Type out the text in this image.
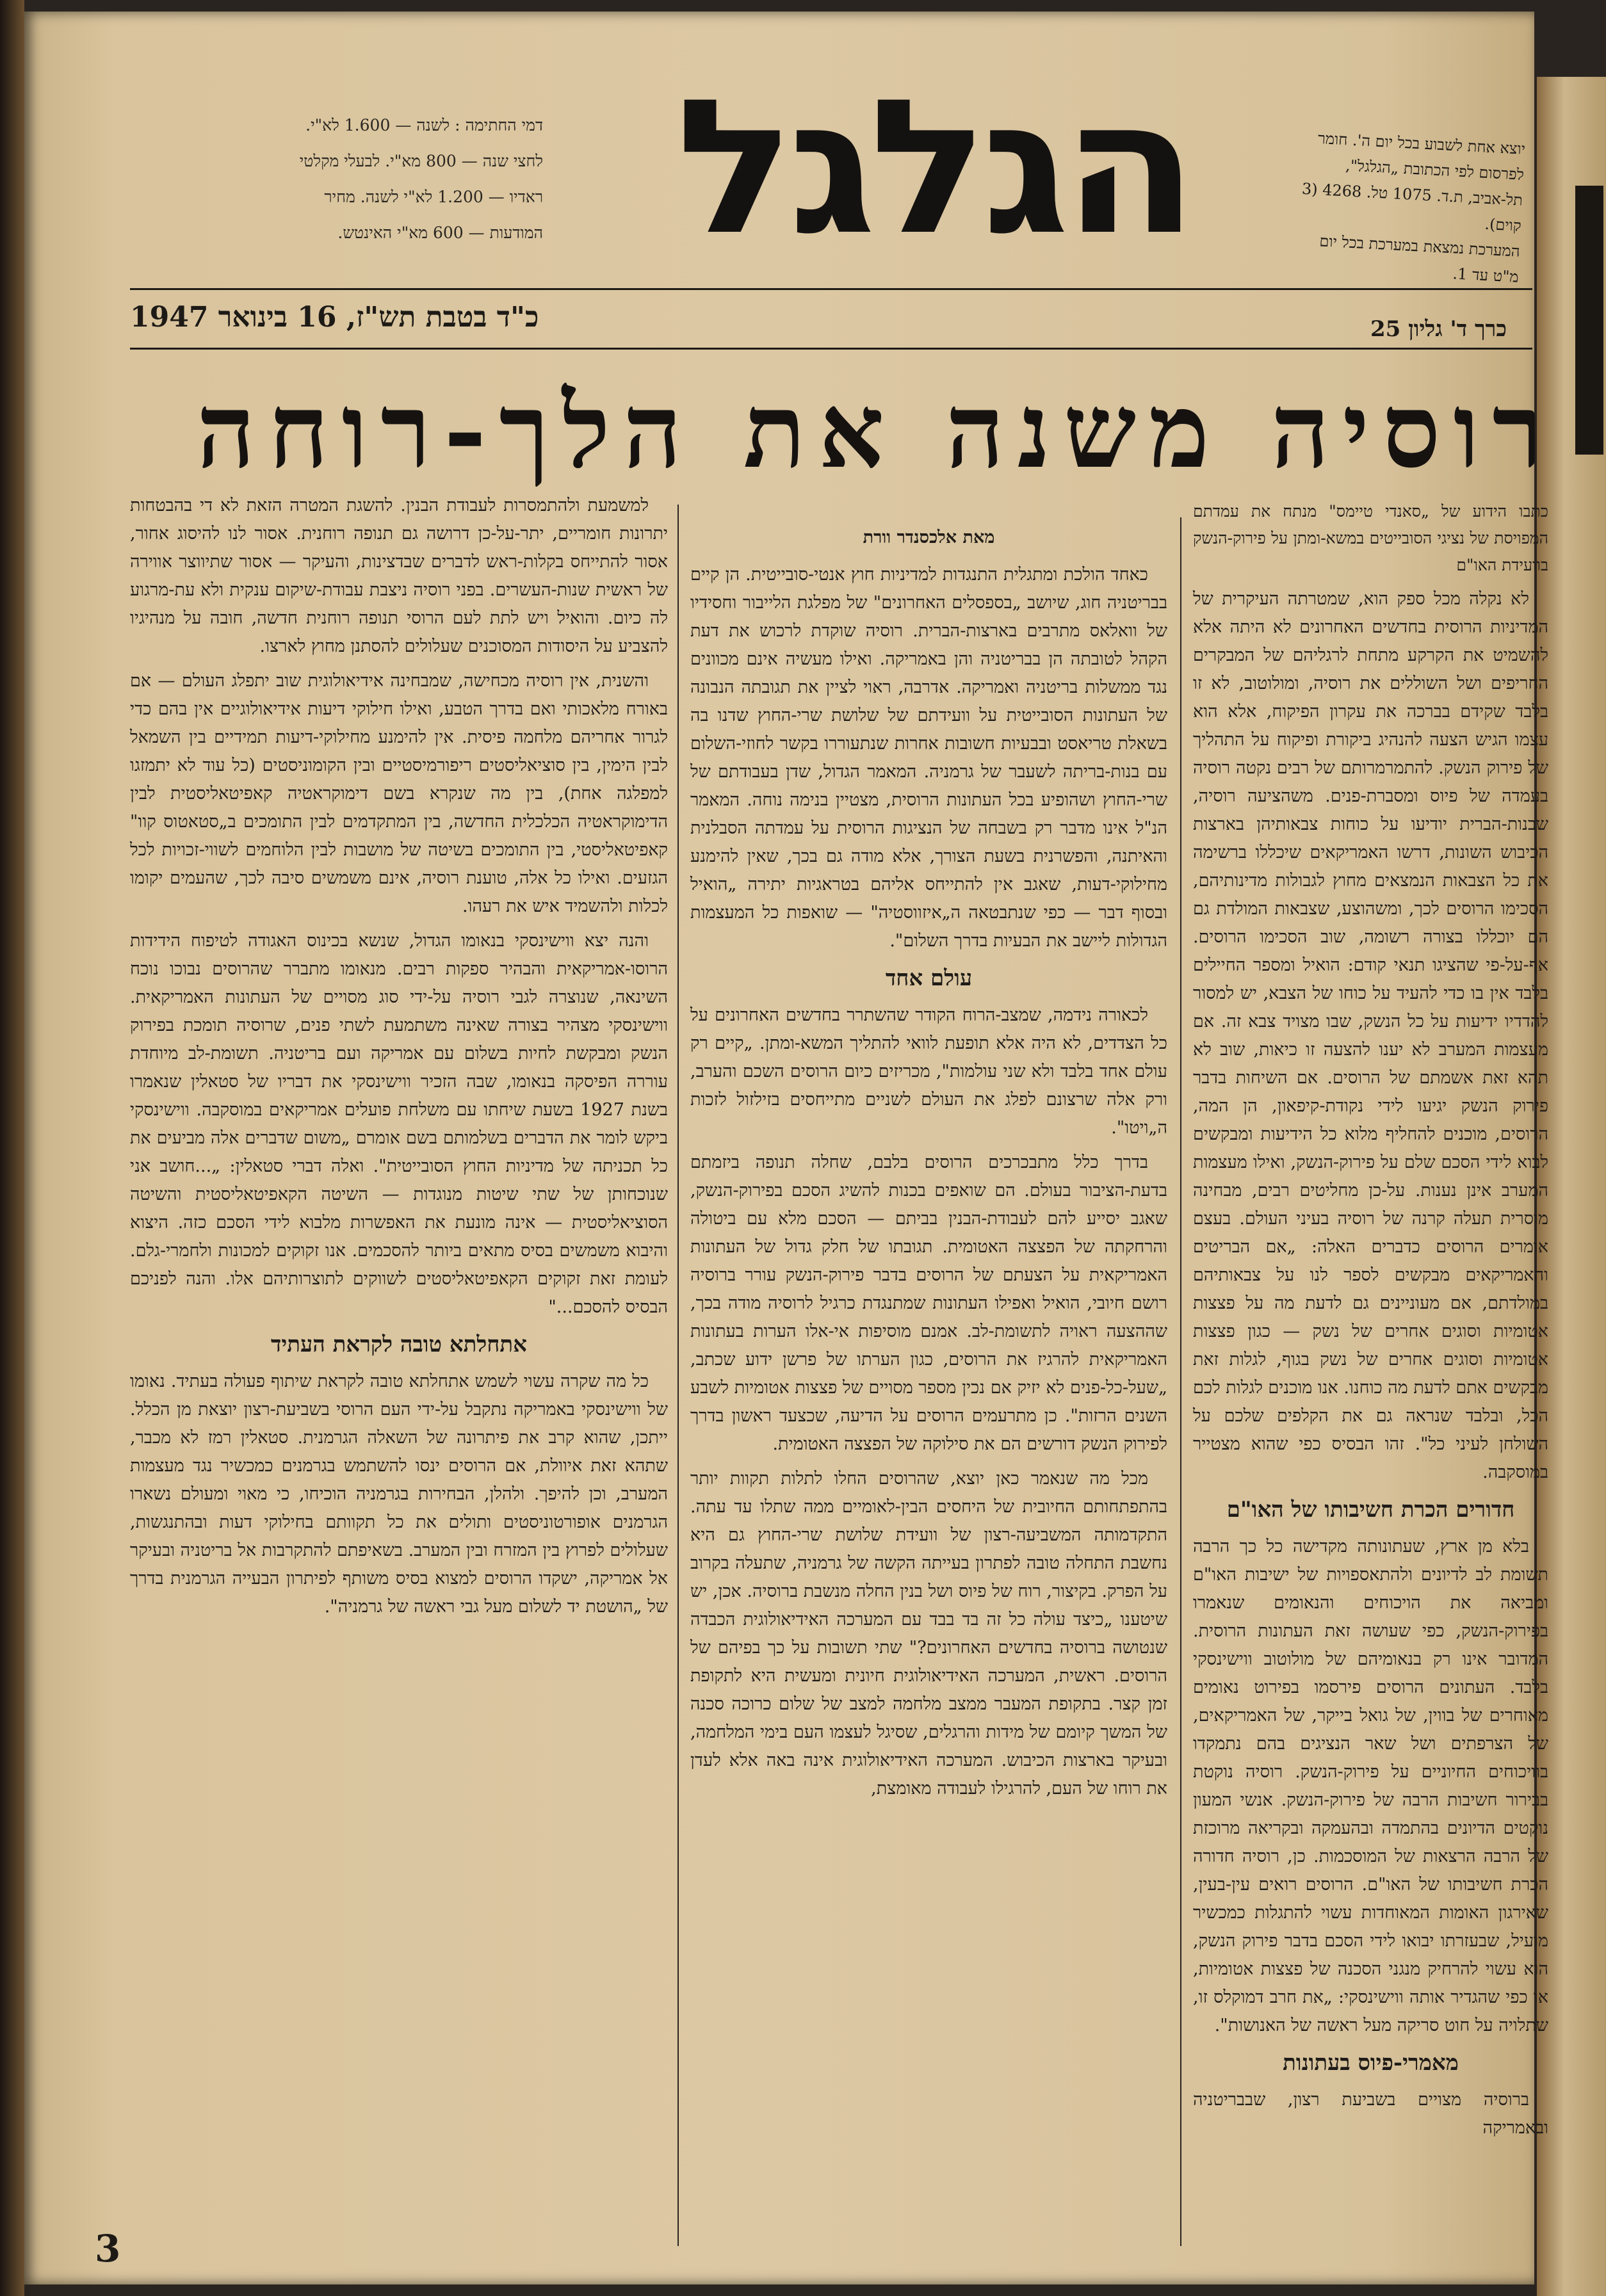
דמי החתימה : לשנה — 1.600 לא"י.
לחצי שנה — 800 מא"י. לבעלי מקלטי
ראדיו — 1.200 לא"י לשנה. מחיר
המודעות — 600 מא"י האינטש. הגלגל	יוצא אחת לשבוע בכל יום ה'. חומר
לפרסום לפי הכתובת „הגלגל",
תל-אביב, ת.ד. 1075 טל. 4268 (3 קוים).
המערכת נמצאת במערכת בכל יום מ"ט עד 1.
כ"ד בטבת תש"ז, 16 בינואר 1947	כרך ד' גליון 25
רוסיה משנה את הלך-רוחה

כתבו הידוע של „סאנדי טיימס" מנתח את עמדתם המפויסת של נציגי הסובייטים במשא-ומתן על פירוק-הנשק בוועידת האו"ם

לא נקלה מכל ספק הוא, שמטרתה העיקרית של המדיניות הרוסית בחדשים האחרונים לא היתה אלא להשמיט את הקרקע מתחת לרגליהם של המבקרים החריפים ושל השוללים את רוסיה, ומולוטוב, לא זו בלבד שקידם בברכה את עקרון הפיקוח, אלא הוא עצמו הגיש הצעה להנהיג ביקורת ופיקוח על התהליך של פירוק הנשק. להתמרמרותם של רבים נקטה רוסיה בעמדה של פיוס ומסברת-פנים. משהציעה רוסיה, שבנות-הברית יודיעו על כוחות צבאותיהן בארצות הכיבוש השונות, דרשו האמריקאים שיכללו ברשימה את כל הצבאות הנמצאים מחוץ לגבולות מדינותיהם, הסכימו הרוסים לכך, ומשהוצע, שצבאות המולדת גם הם יוכללו בצורה רשומה, שוב הסכימו הרוסים. אף-על-פי שהציגו תנאי קודם: הואיל ומספר החיילים בלבד אין בו כדי להעיד על כוחו של הצבא, יש למסור להדדיו ידיעות על כל הנשק, שבו מצויד צבא זה. אם מעצמות המערב לא יענו להצעה זו כיאות, שוב לא תהא זאת אשמתם של הרוסים. אם השיחות בדבר פירוק הנשק יגיעו לידי נקודת-קיפאון, הן המה, הרוסים, מוכנים להחליף מלוא כל הידיעות ומבקשים לבוא לידי הסכם שלם על פירוק-הנשק, ואילו מעצמות המערב אינן נענות. על-כן מחליטים רבים, מבחינה מוסרית תעלה קרנה של רוסיה בעיני העולם. בעצם אומרים הרוסים כדברים האלה: „אם הבריטים והאמריקאים מבקשים לספר לנו על צבאותיהם במולדתם, אם מעוניינים גם לדעת מה על פצצות אטומיות וסוגים אחרים של נשק — כגון פצצות אטומיות וסוגים אחרים של נשק בגוף, לגלות זאת מבקשים אתם לדעת מה כוחנו. אנו מוכנים לגלות לכם הכל, ובלבד שנראה גם את הקלפים שלכם על השולחן לעיני כל". זהו הבסיס כפי שהוא מצטייר במוסקבה.

חדורים הכרת חשיבותו של האו"ם

בלא מן ארץ, שעתונותה מקדישה כל כך הרבה תשומת לב לדיונים ולהתאספויות של ישיבות האו"ם ומביאה את הויכוחים והנאומים שנאמרו בפירוק-הנשק, כפי שעושה זאת העתונות הרוסית. המדובר אינו רק בנאומיהם של מולוטוב ווישינסקי בלבד. העתונים הרוסים פירסמו בפירוט נאומים מאוחרים של בווין, של גואל בייקר, של האמריקאים, של הצרפתים ושל שאר הנציגים בהם נתמקדו בוויכוחים החיוניים על פירוק-הנשק. רוסיה נוקטת בבירור חשיבות הרבה של פירוק-הנשק. אנשי המעון נוקטים הדיונים בהתמדה ובהעמקה ובקריאה מרוכזת של הרבה הרצאות של המוסכמות. כן, רוסיה חדורה הכרת חשיבותו של האו"ם. הרוסים רואים עין-בעין, שאירגון האומות המאוחדות עשוי להתגלות כמכשיר מועיל, שבעזרתו יבואו לידי הסכם בדבר פירוק הנשק, הוא עשוי להרחיק מנגני הסכנה של פצצות אטומיות, או כפי שהגדיר אותה ווישינסקי: „את חרב דמוקלס זו, שתלויה על חוט סריקה מעל ראשה של האנושות".

מאמרי-פיוס בעתונות

ברוסיה מצויים בשביעת רצון, שבבריטניה ובאמריקה

מאת אלכסנדר וורת

כאחד הולכת ומתגלית התנגדות למדיניות חוץ אנטי-סובייטית. הן קיים בבריטניה חוג, שיושב „בספסלים האחרונים" של מפלגת הלייבור וחסידיו של וואלאס מתרבים בארצות-הברית. רוסיה שוקדת לרכוש את דעת הקהל לטובתה הן בבריטניה והן באמריקה. ואילו מעשיה אינם מכוונים נגד ממשלות בריטניה ואמריקה. אדרבה, ראוי לציין את תגובתה הנבונה של העתונות הסובייטית על וועידתם של שלושת שרי-החוץ שדנו בה בשאלת טריאסט ובבעיות חשובות אחרות שנתעוררו בקשר לחוזי-השלום עם בנות-בריתה לשעבר של גרמניה. המאמר הגדול, שדן בעבודתם של שרי-החוץ ושהופיע בכל העתונות הרוסית, מצטיין בנימה נוחה. המאמר הנ"ל אינו מדבר רק בשבחה של הנציגות הרוסית על עמדתה הסבלנית והאיתנה, והפשרנית בשעת הצורך, אלא מודה גם בכך, שאין להימנע מחילוקי-דעות, שאגב אין להתייחס אליהם בטראגיות יתירה „הואיל ובסוף דבר — כפי שנתבטאה ה„איזווסטיה" — שואפות כל המעצמות הגדולות ליישב את הבעיות בדרך השלום".

עולם אחד

לכאורה נידמה, שמצב-הרוח הקודר שהשתרר בחדשים האחרונים על כל הצדדים, לא היה אלא תופעת לוואי להתליך המשא-ומתן. „קיים רק עולם אחד בלבד ולא שני עולמות", מכריזים כיום הרוסים השכם והערב, ורק אלה שרצונם לפלג את העולם לשניים מתייחסים בזילזול לזכות ה„ויטו".

בדרך כלל מתבכרכים הרוסים בלבם, שחלה תנופה ביזמתם בדעת-הציבור בעולם. הם שואפים בכנות להשיג הסכם בפירוק-הנשק, שאגב יסייע להם לעבודת-הבנין בביתם — הסכם מלא עם ביטולה והרחקתה של הפצצה האטומית. תגובתו של חלק גדול של העתונות האמריקאית על הצעתם של הרוסים בדבר פירוק-הנשק עורר ברוסיה רושם חיובי, הואיל ואפילו העתונות שמתנגדת כרגיל לרוסיה מודה בכך, שההצעה ראויה לתשומת-לב. אמנם מוסיפות אי-אלו הערות בעתונות האמריקאית להרגיז את הרוסים, כגון הערתו של פרשן ידוע שכתב, „שעל-כל-פנים לא יזיק אם נכין מספר מסויים של פצצות אטומיות לשבע השנים הרזות". כן מתרעמים הרוסים על הדיעה, שכצעד ראשון בדרך לפירוק הנשק דורשים הם את סילוקה של הפצצה האטומית.

מכל מה שנאמר כאן יוצא, שהרוסים החלו לתלות תקוות יותר בהתפתחותם החיובית של היחסים הבין-לאומיים ממה שתלו עד עתה. התקדמותה המשביעה-רצון של וועידת שלושת שרי-החוץ גם היא נחשבת התחלה טובה לפתרון בעייתה הקשה של גרמניה, שתעלה בקרוב על הפרק. בקיצור, רוח של פיוס ושל בנין החלה מנשבת ברוסיה. אכן, יש שיטענו „כיצד עולה כל זה בד בבד עם המערכה האידיאולוגית הכבדה שנטושה ברוסיה בחדשים האחרונים?" שתי תשובות על כך בפיהם של הרוסים. ראשית, המערכה האידיאולוגית חיונית ומעשית היא לתקופת זמן קצר. בתקופת המעבר ממצב מלחמה למצב של שלום כרוכה סכנה של המשך קיומם של מידות והרגלים, שסיגל לעצמו העם בימי המלחמה, ובעיקר בארצות הכיבוש. המערכה האידיאולוגית אינה באה אלא לעדן את רוחו של העם, להרגילו לעבודה מאומצת,

למשמעת ולהתמסרות לעבודת הבנין. להשגת המטרה הזאת לא די בהבטחות יתרונות חומריים, יתר-על-כן דרושה גם תנופה רוחנית. אסור לנו להיסוג אחור, אסור להתייחס בקלות-ראש לדברים שבדצינות, והעיקר — אסור שתיווצר אווירה של ראשית שנות-העשרים. בפני רוסיה ניצבת עבודת-שיקום ענקית ולא עת-מרגוע לה כיום. והואיל ויש לתת לעם הרוסי תנופה רוחנית חדשה, חובה על מנהיגיו להצביע על היסודות המסוכנים שעלולים להסתנן מחוץ לארצו.

והשנית, אין רוסיה מכחישה, שמבחינה אידיאולוגית שוב יתפלג העולם — אם באורח מלאכותי ואם בדרך הטבע, ואילו חילוקי דיעות אידיאולוגיים אין בהם כדי לגרור אחריהם מלחמה פיסית. אין להימנע מחילוקי-דיעות תמידיים בין השמאל לבין הימין, בין סוציאליסטים ריפורמיסטיים ובין הקומוניסטים (כל עוד לא יתמזגו למפלגה אחת), בין מה שנקרא בשם דימוקראטיה קאפיטאליסטית לבין הדימוקראטיה הכלכלית החדשה, בין המתקדמים לבין התומכים ב„סטאטוס קוו" קאפיטאליסטי, בין התומכים בשיטה של מושבות לבין הלוחמים לשווי-זכויות לכל הגזעים. ואילו כל אלה, טוענת רוסיה, אינם משמשים סיבה לכך, שהעמים יקומו לכלות ולהשמיד איש את רעהו.

והנה יצא ווישינסקי בנאומו הגדול, שנשא בכינוס האגודה לטיפוח הידידות הרוסו-אמריקאית והבהיר ספקות רבים. מנאומו מתברר שהרוסים נבוכו נוכח השינאה, שנוצרה לגבי רוסיה על-ידי סוג מסויים של העתונות האמריקאית. ווישינסקי מצהיר בצורה שאינה משתמעת לשתי פנים, שרוסיה תומכת בפירוק הנשק ומבקשת לחיות בשלום עם אמריקה ועם בריטניה. תשומת-לב מיוחדת עוררה הפיסקה בנאומו, שבה הזכיר ווישינסקי את דבריו של סטאלין שנאמרו בשנת 1927 בשעת שיחתו עם משלחת פועלים אמריקאים במוסקבה. ווישינסקי ביקש לומר את הדברים בשלמותם בשם אומרם „משום שדברים אלה מביעים את כל תכניתה של מדיניות החוץ הסובייטית". ואלה דברי סטאלין: „...חושב אני שנוכחותן של שתי שיטות מנוגדות — השיטה הקאפיטאליסטית והשיטה הסוציאליסטית — אינה מונעת את האפשרות מלבוא לידי הסכם כזה. היצוא והיבוא משמשים בסיס מתאים ביותר להסכמים. אנו זקוקים למכונות ולחמרי-גלם. לעומת זאת זקוקים הקאפיטאליסטים לשווקים לתוצרותיהם אלו. והנה לפניכם הבסיס להסכם..."

אתחלתא טובה לקראת העתיד

כל מה שקרה עשוי לשמש אתחלתא טובה לקראת שיתוף פעולה בעתיד. נאומו של ווישינסקי באמריקה נתקבל על-ידי העם הרוסי בשביעת-רצון יוצאת מן הכלל. ייתכן, שהוא קרב את פיתרונה של השאלה הגרמנית. סטאלין רמז לא מכבר, שתהא זאת איוולת, אם הרוסים ינסו להשתמש בגרמנים כמכשיר נגד מעצמות המערב, וכן להיפך. ולהלן, הבחירות בגרמניה הוכיחו, כי מאוי ומעולם נשארו הגרמנים אופורטוניסטים ותולים את כל תקוותם בחילוקי דעות ובהתנגשות, שעלולים לפרוץ בין המזרח ובין המערב. בשאיפתם להתקרבות אל בריטניה ובעיקר אל אמריקה, ישקדו הרוסים למצוא בסיס משותף לפיתרון הבעייה הגרמנית בדרך של „הושטת יד לשלום מעל גבי ראשה של גרמניה".

3
